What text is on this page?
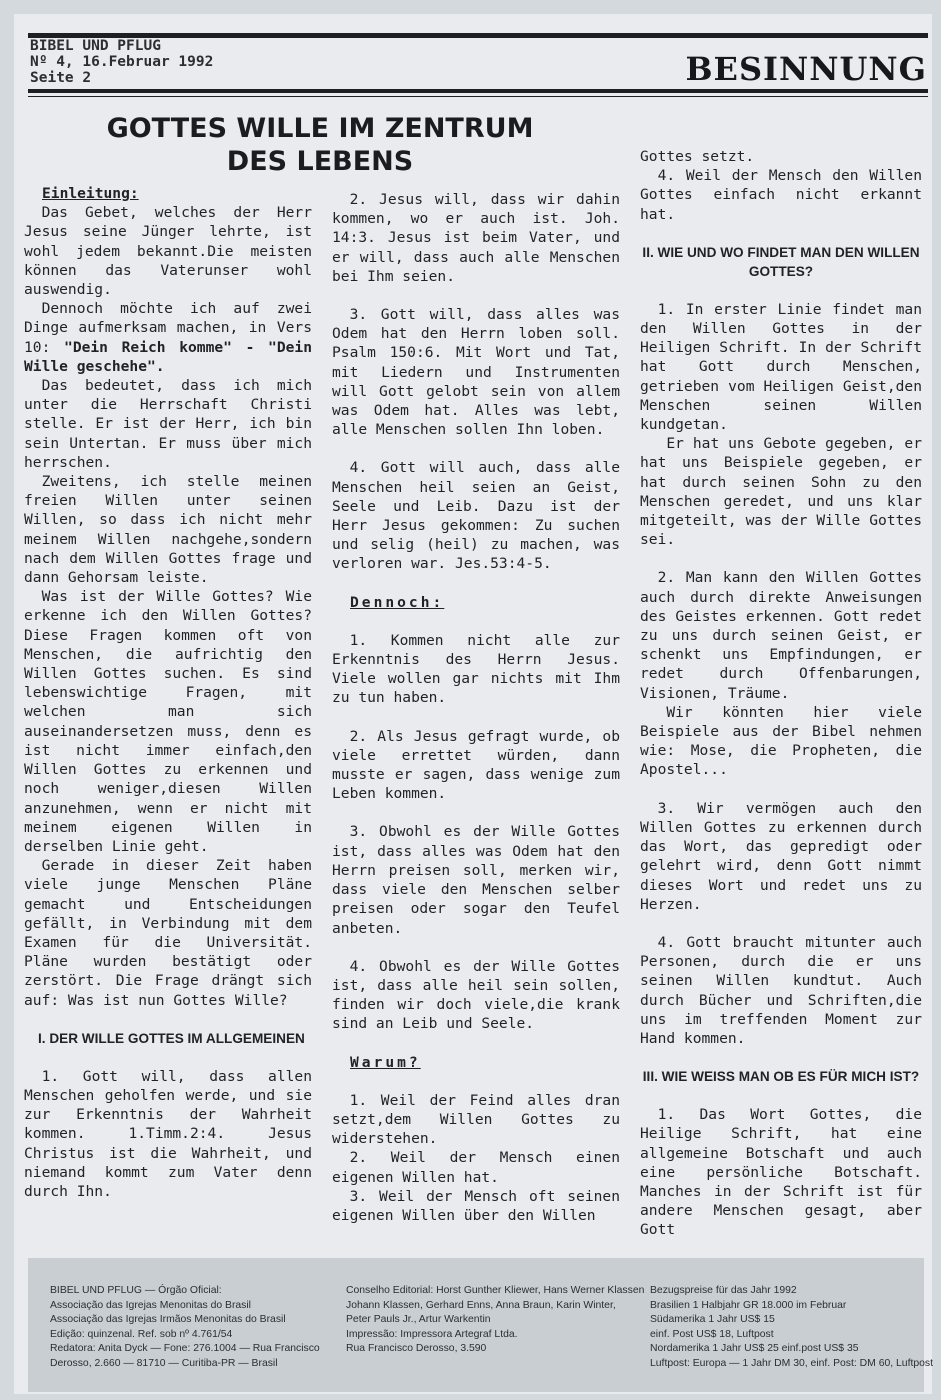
BIBEL UND PFLUG
Nº 4, 16.Februar 1992
Seite 2	BESINNUNG
GOTTES WILLE IM ZENTRUM
DES LEBENS
Einleitung:

Das Gebet, welches der Herr Jesus seine Jünger lehrte, ist wohl jedem bekannt.Die meisten können das Vaterunser wohl auswendig.

Dennoch möchte ich auf zwei Dinge aufmerksam machen, in Vers 10: "Dein Reich komme" - "Dein Wille geschehe".

Das bedeutet, dass ich mich unter die Herrschaft Christi stelle. Er ist der Herr, ich bin sein Untertan. Er muss über mich herrschen.

Zweitens, ich stelle meinen freien Willen unter seinen Willen, so dass ich nicht mehr meinem Willen nachgehe,sondern nach dem Willen Gottes frage und dann Gehorsam leiste.

Was ist der Wille Gottes? Wie erkenne ich den Willen Gottes? Diese Fragen kommen oft von Menschen, die aufrichtig den Willen Gottes suchen. Es sind lebenswichtige Fragen, mit welchen man sich auseinandersetzen muss, denn es ist nicht immer einfach,den Willen Gottes zu erkennen und noch weniger,diesen Willen anzunehmen, wenn er nicht mit meinem eigenen Willen in derselben Linie geht.

Gerade in dieser Zeit haben viele junge Menschen Pläne gemacht und Entscheidungen gefällt, in Verbindung mit dem Examen für die Universität. Pläne wurden bestätigt oder zerstört. Die Frage drängt sich auf: Was ist nun Gottes Wille?

I. DER WILLE GOTTES IM ALLGEMEINEN

1. Gott will, dass allen Menschen geholfen werde, und sie zur Erkenntnis der Wahrheit kommen. 1.Timm.2:4. Jesus Christus ist die Wahrheit, und niemand kommt zum Vater denn durch Ihn.

2. Jesus will, dass wir dahin kommen, wo er auch ist. Joh. 14:3. Jesus ist beim Vater, und er will, dass auch alle Menschen bei Ihm seien.

3. Gott will, dass alles was Odem hat den Herrn loben soll. Psalm 150:6. Mit Wort und Tat, mit Liedern und Instrumenten will Gott gelobt sein von allem was Odem hat. Alles was lebt, alle Menschen sollen Ihn loben.

4. Gott will auch, dass alle Menschen heil seien an Geist, Seele und Leib. Dazu ist der Herr Jesus gekommen: Zu suchen und selig (heil) zu machen, was verloren war. Jes.53:4-5.

Dennoch:

1. Kommen nicht alle zur Erkenntnis des Herrn Jesus. Viele wollen gar nichts mit Ihm zu tun haben.

2. Als Jesus gefragt wurde, ob viele errettet würden, dann musste er sagen, dass wenige zum Leben kommen.

3. Obwohl es der Wille Gottes ist, dass alles was Odem hat den Herrn preisen soll, merken wir, dass viele den Menschen selber preisen oder sogar den Teufel anbeten.

4. Obwohl es der Wille Gottes ist, dass alle heil sein sollen, finden wir doch viele,die krank sind an Leib und Seele.

Warum?

1. Weil der Feind alles dran setzt,dem Willen Gottes zu widerstehen.

2. Weil der Mensch einen eigenen Willen hat.

3. Weil der Mensch oft seinen eigenen Willen über den Willen

Gottes setzt.

4. Weil der Mensch den Willen Gottes einfach nicht erkannt hat.

II. WIE UND WO FINDET MAN DEN WILLEN GOTTES?

1. In erster Linie findet man den Willen Gottes in der Heiligen Schrift. In der Schrift hat Gott durch Menschen, getrieben vom Heiligen Geist,den Menschen seinen Willen kundgetan.

Er hat uns Gebote gegeben, er hat uns Beispiele gegeben, er hat durch seinen Sohn zu den Menschen geredet, und uns klar mitgeteilt, was der Wille Gottes sei.

2. Man kann den Willen Gottes auch durch direkte Anweisungen des Geistes erkennen. Gott redet zu uns durch seinen Geist, er schenkt uns Empfindungen, er redet durch Offenbarungen, Visionen, Träume.

Wir könnten hier viele Beispiele aus der Bibel nehmen wie: Mose, die Propheten, die Apostel...

3. Wir vermögen auch den Willen Gottes zu erkennen durch das Wort, das gepredigt oder gelehrt wird, denn Gott nimmt dieses Wort und redet uns zu Herzen.

4. Gott braucht mitunter auch Personen, durch die er uns seinen Willen kundtut. Auch durch Bücher und Schriften,die uns im treffenden Moment zur Hand kommen.

III. WIE WEISS MAN OB ES FÜR MICH IST?

1. Das Wort Gottes, die Heilige Schrift, hat eine allgemeine Botschaft und auch eine persönliche Botschaft. Manches in der Schrift ist für andere Menschen gesagt, aber Gott

BIBEL UND PFLUG — Órgão Oficial:
Associação das Igrejas Menonitas do Brasil
Associação das Igrejas Irmãos Menonitas do Brasil
Edição: quinzenal. Ref. sob nº 4.761/54
Redatora: Anita Dyck — Fone: 276.1004 — Rua Francisco
Derosso, 2.660 — 81710 — Curitiba-PR — Brasil
Conselho Editorial: Horst Gunther Kliewer, Hans Werner Klassen
Johann Klassen, Gerhard Enns, Anna Braun, Karin Winter,
Peter Pauls Jr., Artur Warkentin
Impressão: Impressora Artegraf Ltda.
Rua Francisco Derosso, 3.590
Bezugspreise für das Jahr 1992
Brasilien 1 Halbjahr GR 18.000 im Februar
Südamerika 1 Jahr US$ 15
einf. Post US$ 18, Luftpost
Nordamerika 1 Jahr US$ 25 einf.post US$ 35
Luftpost: Europa — 1 Jahr DM 30, einf. Post: DM 60, Luftpost
